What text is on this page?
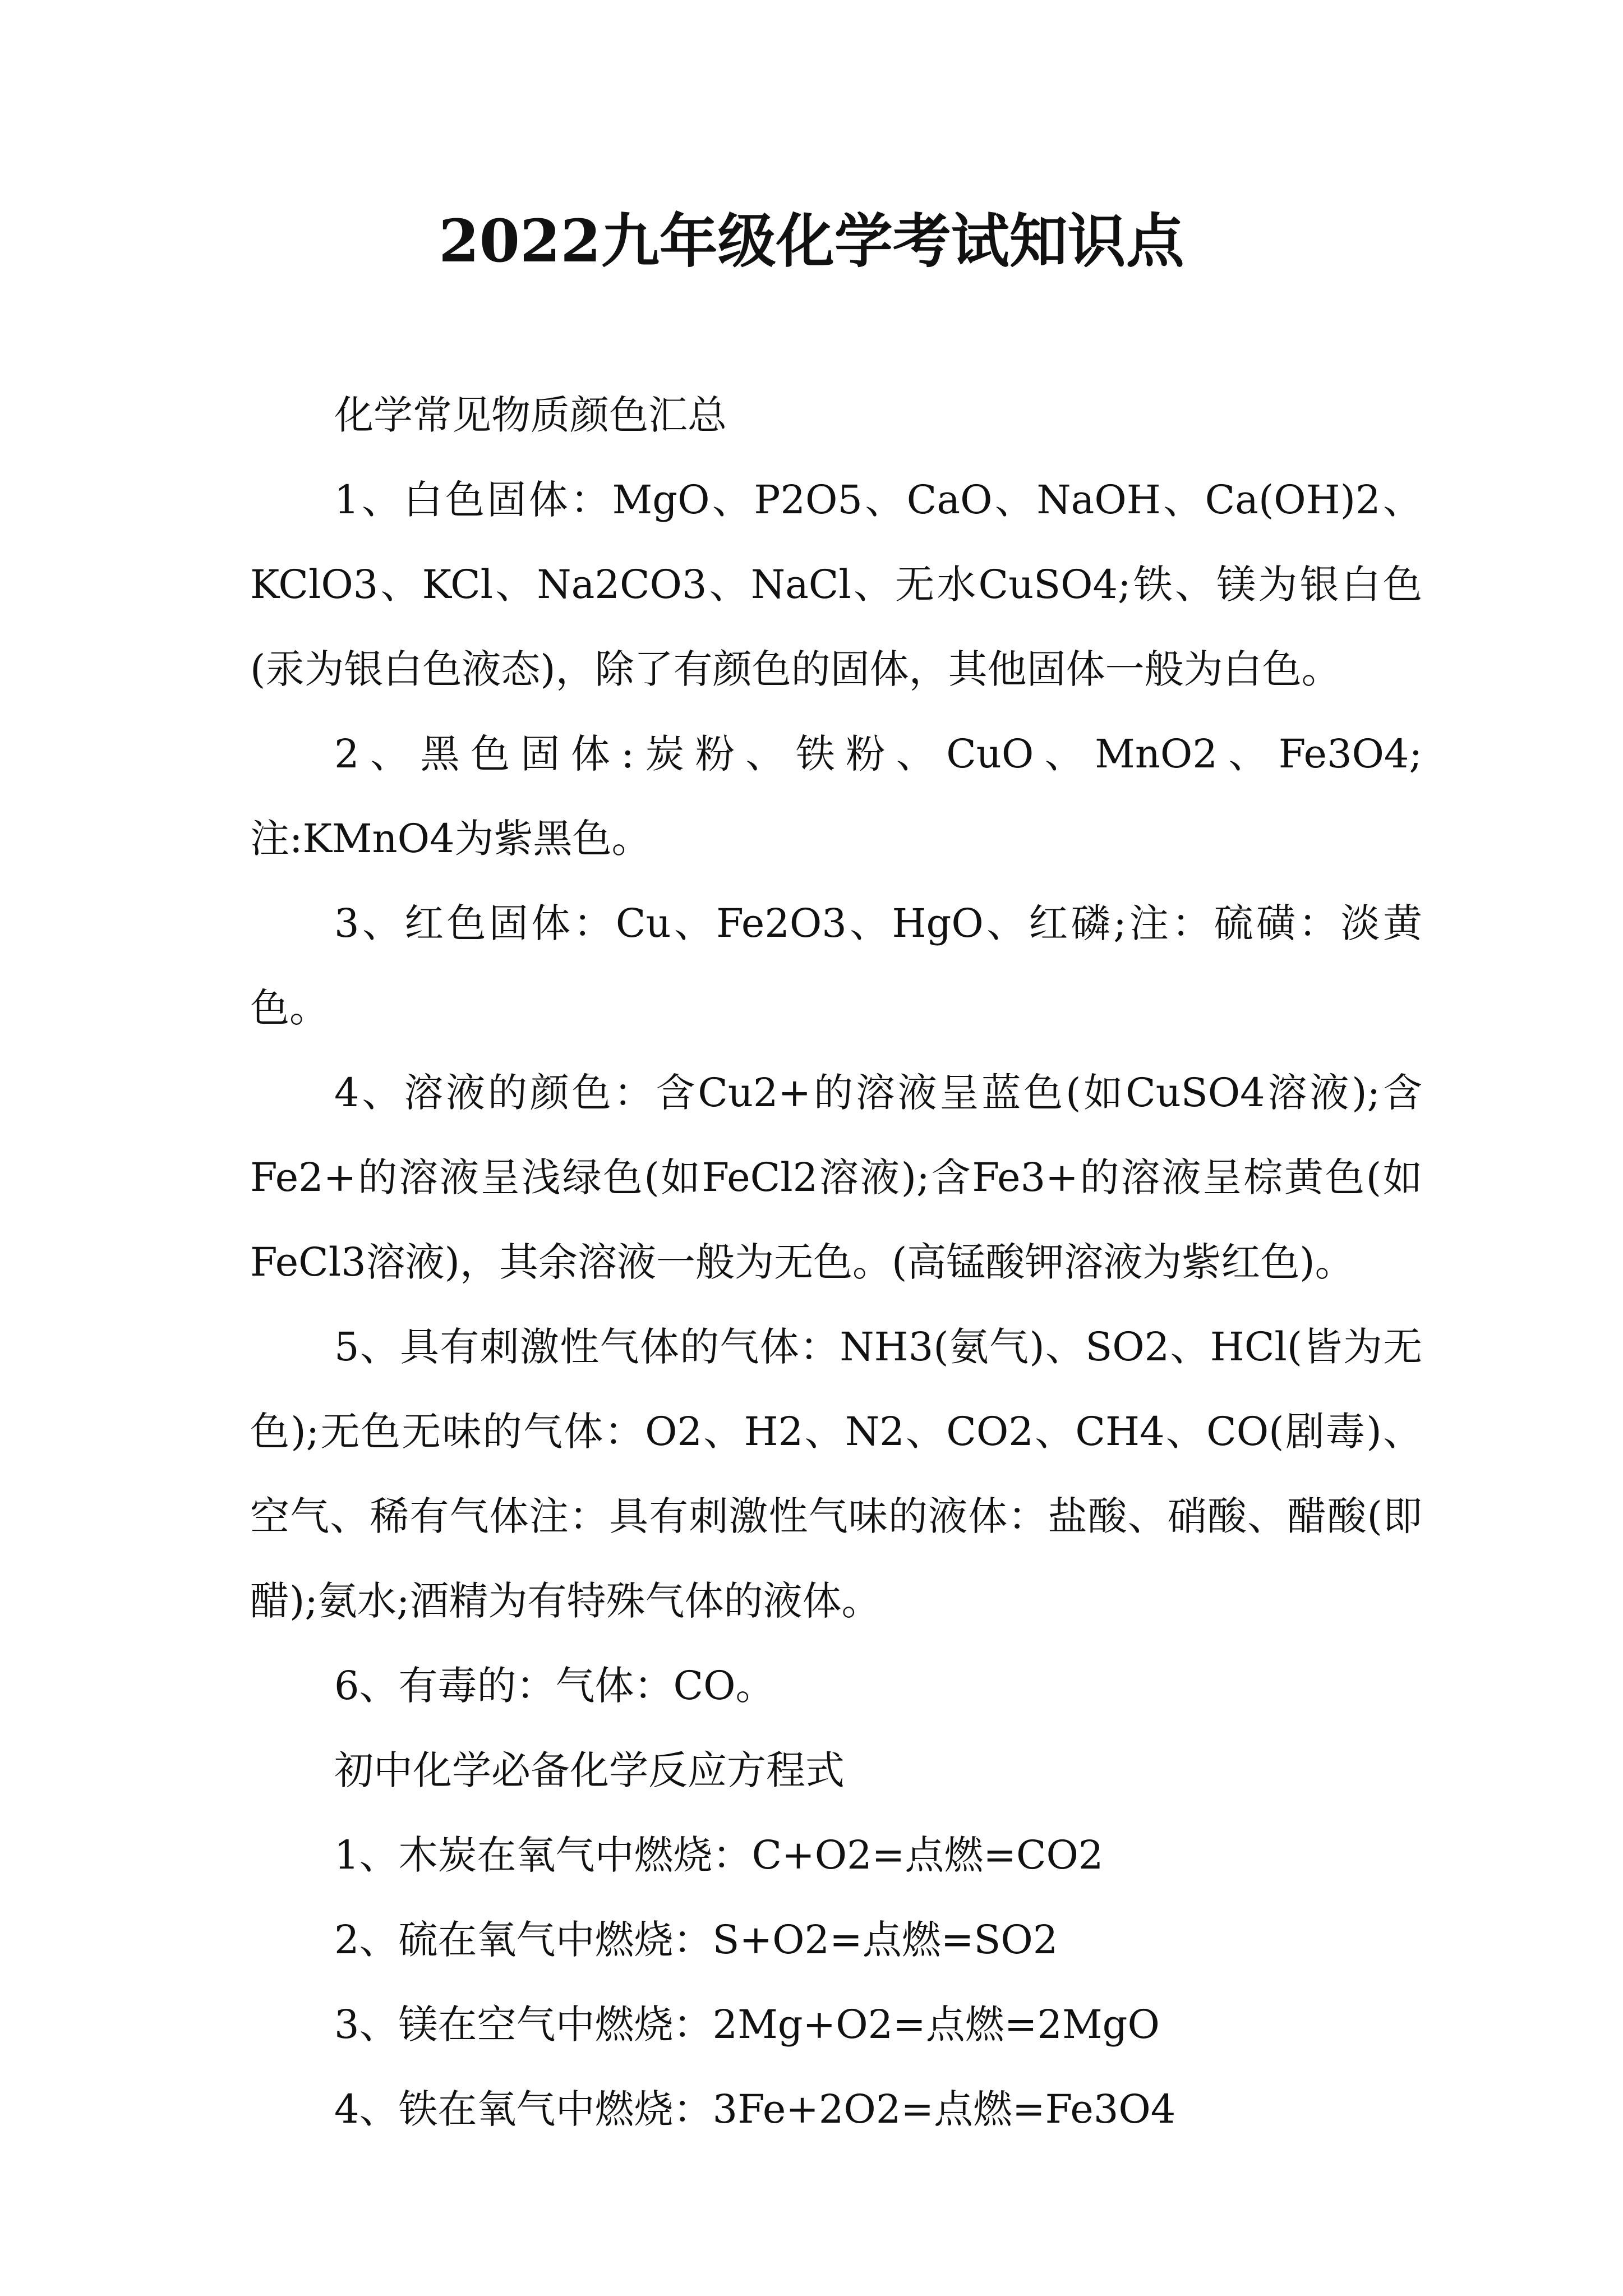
2022九年级化学考试知识点

化学常见物质颜色汇总

1、白色固体：MgO、P2O5、CaO、NaOH、Ca(OH)2、KClO3、KCl、Na2CO3、NaCl、无水CuSO4;铁、镁为银白色(汞为银白色液态)，除了有颜色的固体，其他固体一般为白色。

2、黑色固体:炭粉、铁粉、CuO、MnO2、Fe3O4;注:KMnO4为紫黑色。

3、红色固体：Cu、Fe2O3、HgO、红磷;注：硫磺：淡黄色。

4、溶液的颜色：含Cu2+的溶液呈蓝色(如CuSO4溶液);含Fe2+的溶液呈浅绿色(如FeCl2溶液);含Fe3+的溶液呈棕黄色(如FeCl3溶液)，其余溶液一般为无色。(高锰酸钾溶液为紫红色)。

5、具有刺激性气体的气体：NH3(氨气)、SO2、HCl(皆为无色);无色无味的气体：O2、H2、N2、CO2、CH4、CO(剧毒)、空气、稀有气体注：具有刺激性气味的液体：盐酸、硝酸、醋酸(即醋);氨水;酒精为有特殊气体的液体。

6、有毒的：气体：CO。

初中化学必备化学反应方程式

1、木炭在氧气中燃烧：C+O2=点燃=CO2

2、硫在氧气中燃烧：S+O2=点燃=SO2

3、镁在空气中燃烧：2Mg+O2=点燃=2MgO

4、铁在氧气中燃烧：3Fe+2O2=点燃=Fe3O4
